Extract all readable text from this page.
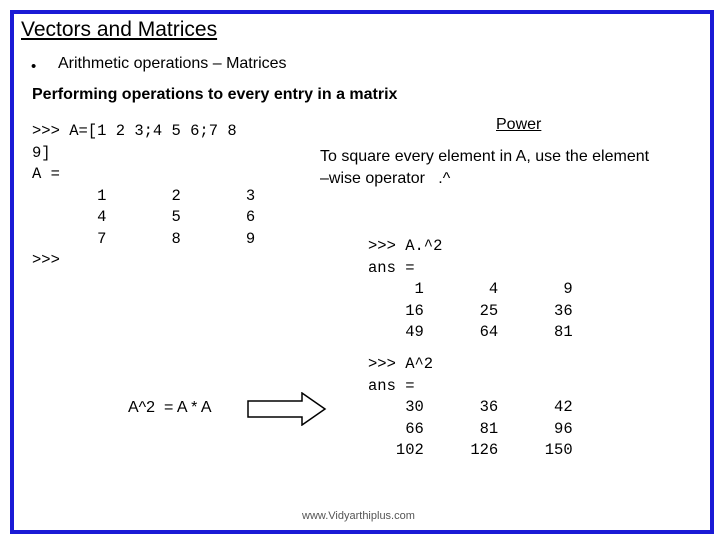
Vectors and Matrices
• Arithmetic operations – Matrices
Performing operations to every entry in a matrix
>>> A=[1 2 3;4 5 6;7 8
9]
A =
1       2       3
4       5       6
7       8       9
>>>
Power
To square every element in A, use the element
–wise operator   .^
>>> A.^2
ans =
1       4       9
16      25      36
49      64      81
>>> A^2
ans =
30      36      42
66      81      96
102     126     150
A^2  = A * A
www.Vidyarthiplus.com
